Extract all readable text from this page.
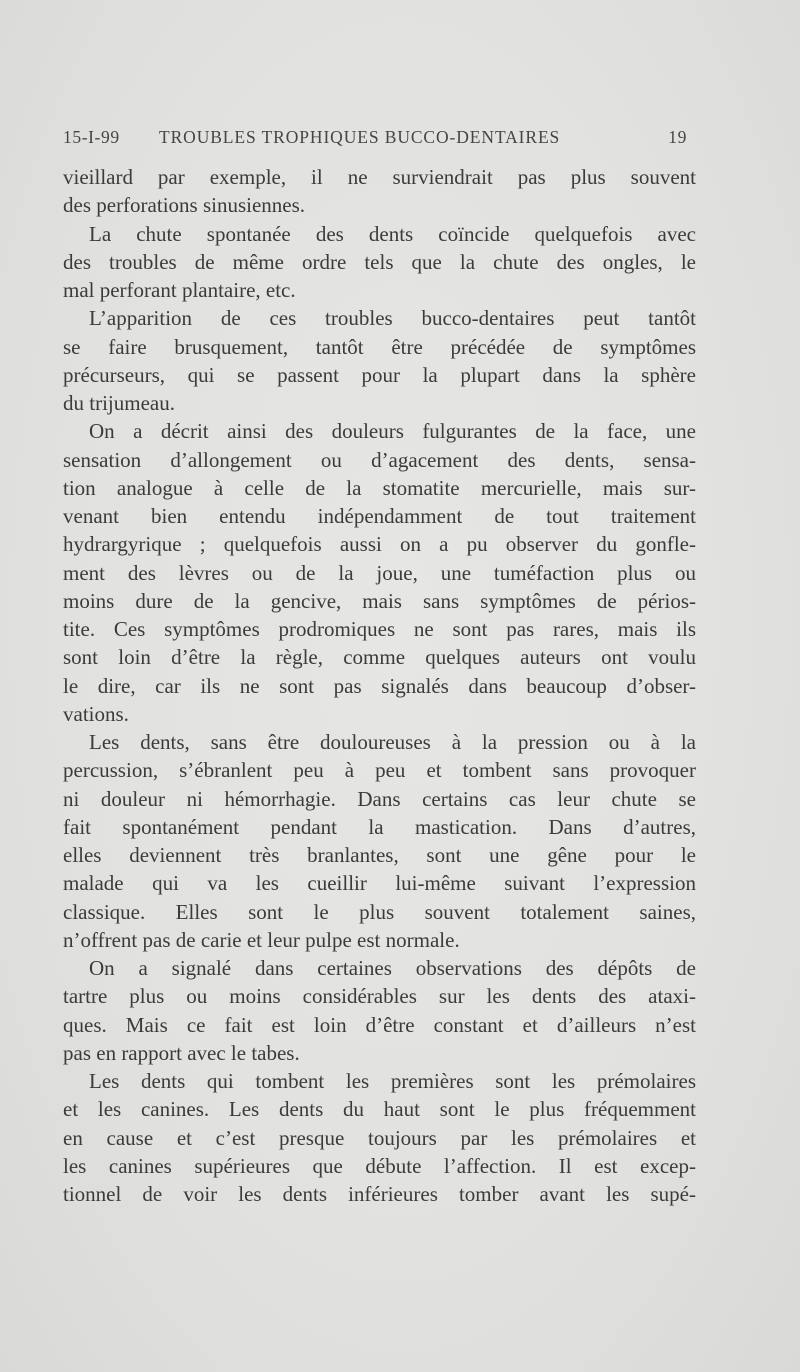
15-I-99 TROUBLES TROPHIQUES BUCCO-DENTAIRES	19
vieillard par exemple, il ne surviendrait pas plus souvent
des perforations sinusiennes.
La chute spontanée des dents coïncide quelquefois avec
des troubles de même ordre tels que la chute des ongles, le
mal perforant plantaire, etc.
L’apparition de ces troubles bucco-dentaires peut tantôt
se faire brusquement, tantôt être précédée de symptômes
précurseurs, qui se passent pour la plupart dans la sphère
du trijumeau.
On a décrit ainsi des douleurs fulgurantes de la face, une
sensation d’allongement ou d’agacement des dents, sensa-
tion analogue à celle de la stomatite mercurielle, mais sur-
venant bien entendu indépendamment de tout traitement
hydrargyrique ; quelquefois aussi on a pu observer du gonfle-
ment des lèvres ou de la joue, une tuméfaction plus ou
moins dure de la gencive, mais sans symptômes de périos-
tite. Ces symptômes prodromiques ne sont pas rares, mais ils
sont loin d’être la règle, comme quelques auteurs ont voulu
le dire, car ils ne sont pas signalés dans beaucoup d’obser-
vations.
Les dents, sans être douloureuses à la pression ou à la
percussion, s’ébranlent peu à peu et tombent sans provoquer
ni douleur ni hémorrhagie. Dans certains cas leur chute se
fait spontanément pendant la mastication. Dans d’autres,
elles deviennent très branlantes, sont une gêne pour le
malade qui va les cueillir lui-même suivant l’expression
classique. Elles sont le plus souvent totalement saines,
n’offrent pas de carie et leur pulpe est normale.
On a signalé dans certaines observations des dépôts de
tartre plus ou moins considérables sur les dents des ataxi-
ques. Mais ce fait est loin d’être constant et d’ailleurs n’est
pas en rapport avec le tabes.
Les dents qui tombent les premières sont les prémolaires
et les canines. Les dents du haut sont le plus fréquemment
en cause et c’est presque toujours par les prémolaires et
les canines supérieures que débute l’affection. Il est excep-
tionnel de voir les dents inférieures tomber avant les supé-
